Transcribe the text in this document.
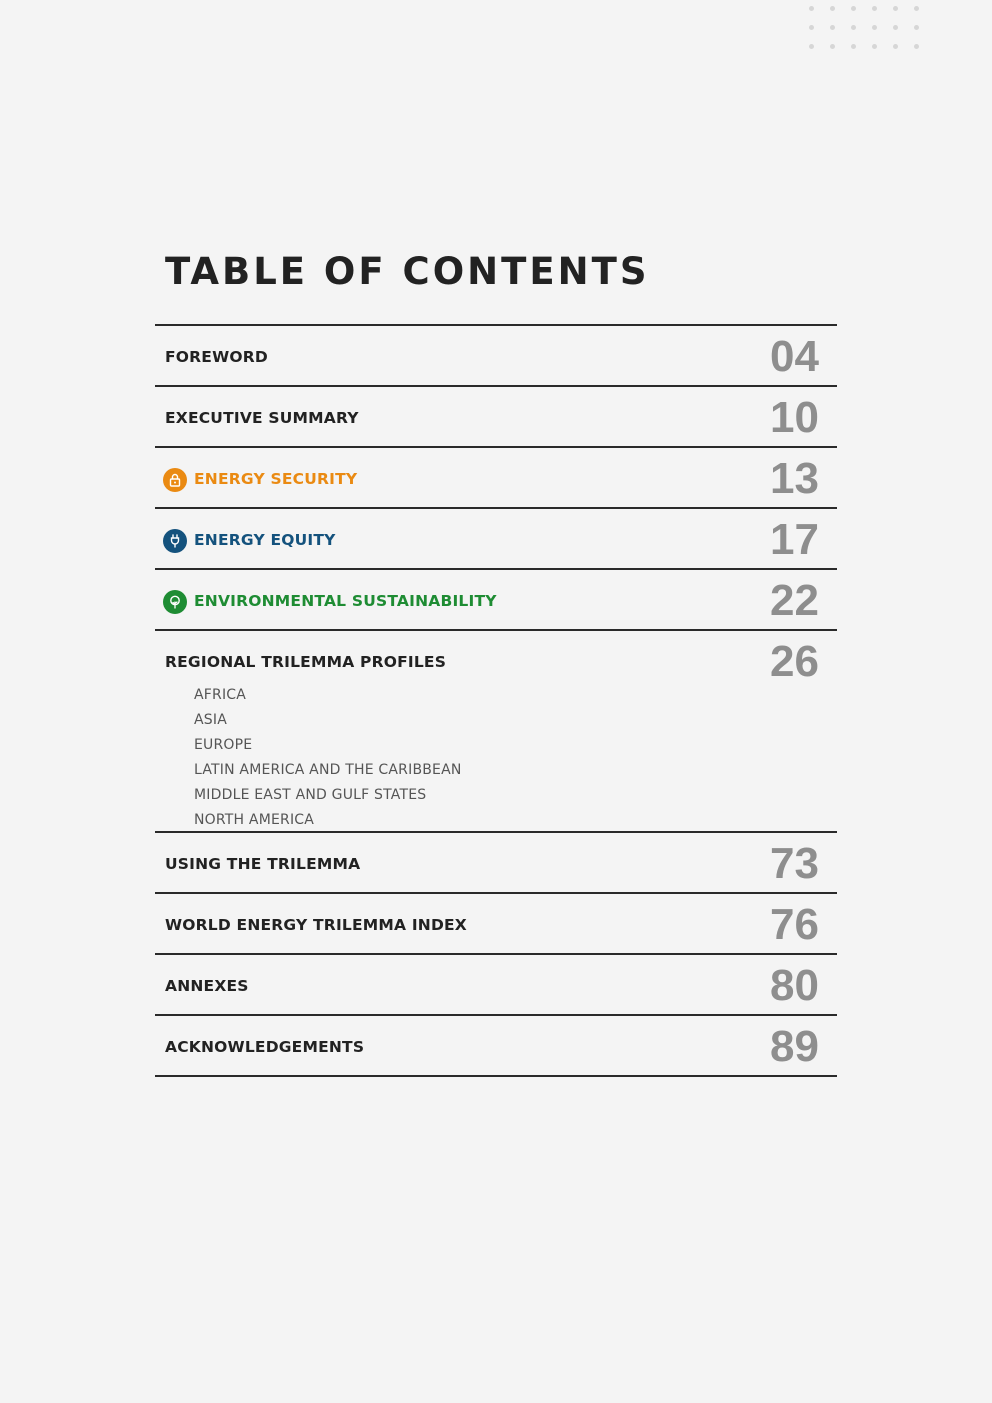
TABLE OF CONTENTS
FOREWORD	04
EXECUTIVE SUMMARY	10
ENERGY SECURITY	13
ENERGY EQUITY	17
ENVIRONMENTAL SUSTAINABILITY	22
REGIONAL TRILEMMA PROFILES	26
AFRICA
ASIA
EUROPE
LATIN AMERICA AND THE CARIBBEAN
MIDDLE EAST AND GULF STATES
NORTH AMERICA
USING THE TRILEMMA	73
WORLD ENERGY TRILEMMA INDEX	76
ANNEXES	80
ACKNOWLEDGEMENTS	89
